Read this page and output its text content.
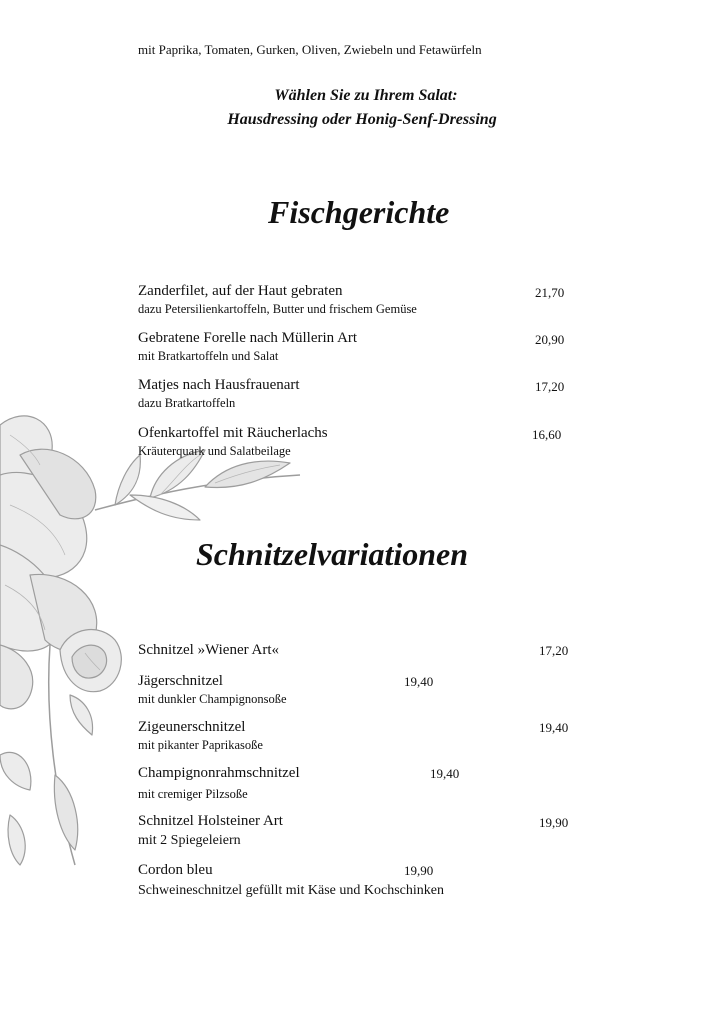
mit Paprika, Tomaten, Gurken, Oliven, Zwiebeln und Fetawürfeln
Wählen Sie zu Ihrem Salat:
Hausdressing oder Honig-Senf-Dressing
Fischgerichte
Zanderfilet, auf der Haut gebraten
dazu Petersilienkartoffeln, Butter und frischem Gemüse
21,70
Gebratene Forelle nach Müllerin Art
mit Bratkartoffeln und Salat
20,90
Matjes nach Hausfrauenart
dazu Bratkartoffeln
17,20
Ofenkartoffel mit Räucherlachs
Kräuterquark und Salatbeilage
16,60
Schnitzelvariationen
Schnitzel »Wiener Art«	17,20
Jägerschnitzel
mit dunkler Champignonsoße
19,40
Zigeunerschnitzel
mit pikanter Paprikasoße
19,40
Champignonrahmschnitzel
mit cremiger Pilzsoße
19,40
Schnitzel Holsteiner Art
mit 2 Spiegeleiern
19,90
Cordon bleu
Schweineschnitzel gefüllt mit Käse und Kochschinken
19,90
